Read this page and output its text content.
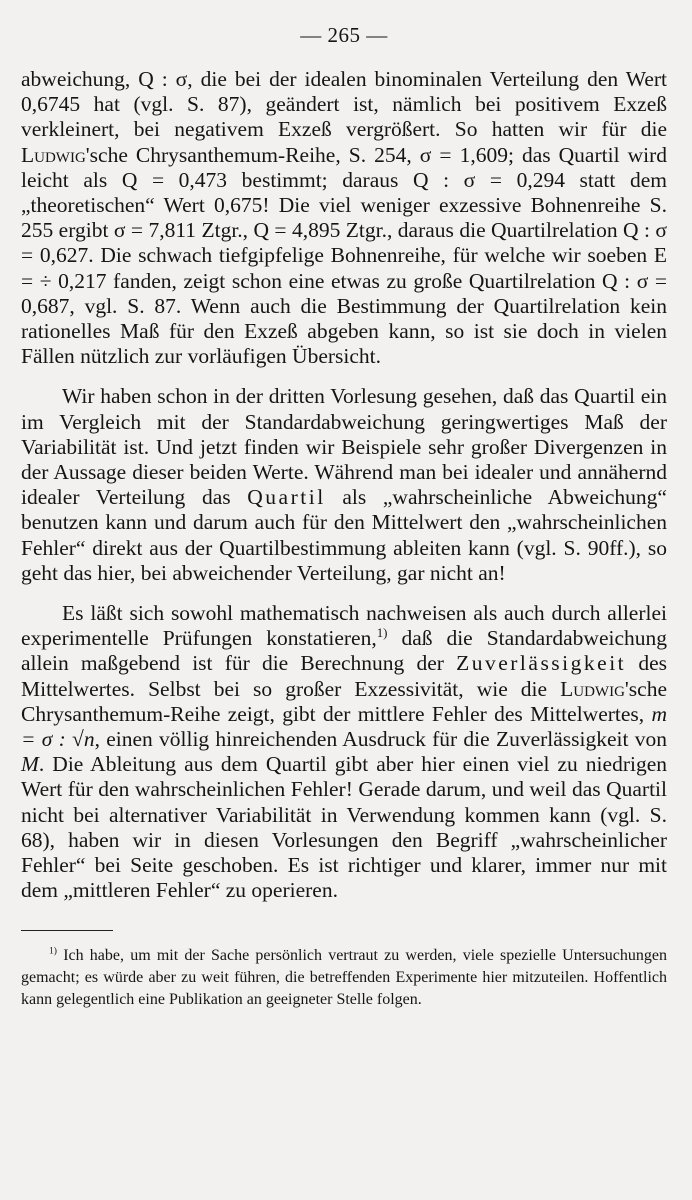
— 265 —

abweichung, Q : σ, die bei der idealen binominalen Verteilung den Wert 0,6745 hat (vgl. S. 87), geändert ist, nämlich bei positivem Exzeß verkleinert, bei negativem Exzeß vergrößert. So hatten wir für die Ludwig'sche Chrysanthemum-Reihe, S. 254, σ = 1,609; das Quartil wird leicht als Q = 0,473 bestimmt; daraus Q : σ = 0,294 statt dem „theoretischen“ Wert 0,675! Die viel weniger exzessive Bohnenreihe S. 255 ergibt σ = 7,811 Ztgr., Q = 4,895 Ztgr., daraus die Quartilrelation Q : σ = 0,627. Die schwach tiefgipfelige Bohnenreihe, für welche wir soeben E = ÷ 0,217 fanden, zeigt schon eine etwas zu große Quartilrelation Q : σ = 0,687, vgl. S. 87. Wenn auch die Bestimmung der Quartilrelation kein rationelles Maß für den Exzeß abgeben kann, so ist sie doch in vielen Fällen nützlich zur vorläufigen Übersicht.

Wir haben schon in der dritten Vorlesung gesehen, daß das Quartil ein im Vergleich mit der Standardabweichung geringwertiges Maß der Variabilität ist. Und jetzt finden wir Beispiele sehr großer Divergenzen in der Aussage dieser beiden Werte. Während man bei idealer und annähernd idealer Verteilung das Quartil als „wahrscheinliche Abweichung“ benutzen kann und darum auch für den Mittelwert den „wahrscheinlichen Fehler“ direkt aus der Quartilbestimmung ableiten kann (vgl. S. 90ff.), so geht das hier, bei abweichender Verteilung, gar nicht an!

Es läßt sich sowohl mathematisch nachweisen als auch durch allerlei experimentelle Prüfungen konstatieren,$^{1)}$ daß die Standardabweichung allein maßgebend ist für die Berechnung der Zuverlässigkeit des Mittelwertes. Selbst bei so großer Exzessivität, wie die Ludwig'sche Chrysanthemum-Reihe zeigt, gibt der mittlere Fehler des Mittelwertes, m = σ : √n, einen völlig hinreichenden Ausdruck für die Zuverlässigkeit von M. Die Ableitung aus dem Quartil gibt aber hier einen viel zu niedrigen Wert für den wahrscheinlichen Fehler! Gerade darum, und weil das Quartil nicht bei alternativer Variabilität in Verwendung kommen kann (vgl. S. 68), haben wir in diesen Vorlesungen den Begriff „wahrscheinlicher Fehler“ bei Seite geschoben. Es ist richtiger und klarer, immer nur mit dem „mittleren Fehler“ zu operieren.

$^{1)}$ Ich habe, um mit der Sache persönlich vertraut zu werden, viele spezielle Untersuchungen gemacht; es würde aber zu weit führen, die betreffenden Experimente hier mitzuteilen. Hoffentlich kann gelegentlich eine Publikation an geeigneter Stelle folgen.
